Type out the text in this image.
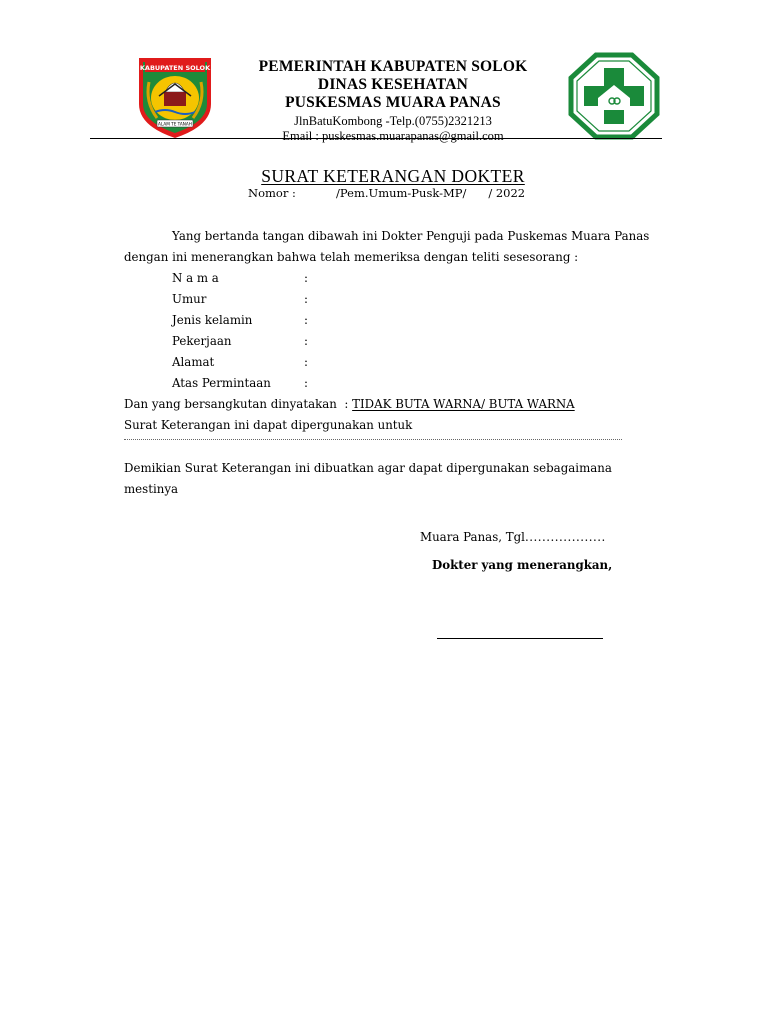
KABUPATEN SOLOK
ALAM TE TANAH
PEMERINTAH KABUPATEN SOLOK
DINAS KESEHATAN
PUSKESMAS MUARA PANAS
JlnBatuKombong -Telp.(0755)2321213
Email : puskesmas.muarapanas@gmail.com
SURAT KETERANGAN DOKTER
Nomor :           /Pem.Umum-Pusk-MP/      / 2022
Yang bertanda tangan dibawah ini Dokter Penguji pada Puskemas Muara Panas
dengan ini menerangkan bahwa telah memeriksa dengan teliti sesesorang :
N a m a	:
Umur	:
Jenis kelamin	:
Pekerjaan	:
Alamat	:
Atas Permintaan	:
Dan yang bersangkutan dinyatakan  : TIDAK BUTA WARNA/ BUTA WARNA
Surat Keterangan ini dapat dipergunakan untuk
Demikian Surat Keterangan ini dibuatkan agar dapat dipergunakan sebagaimana
mestinya
Muara Panas, Tgl...................
Dokter yang menerangkan,
